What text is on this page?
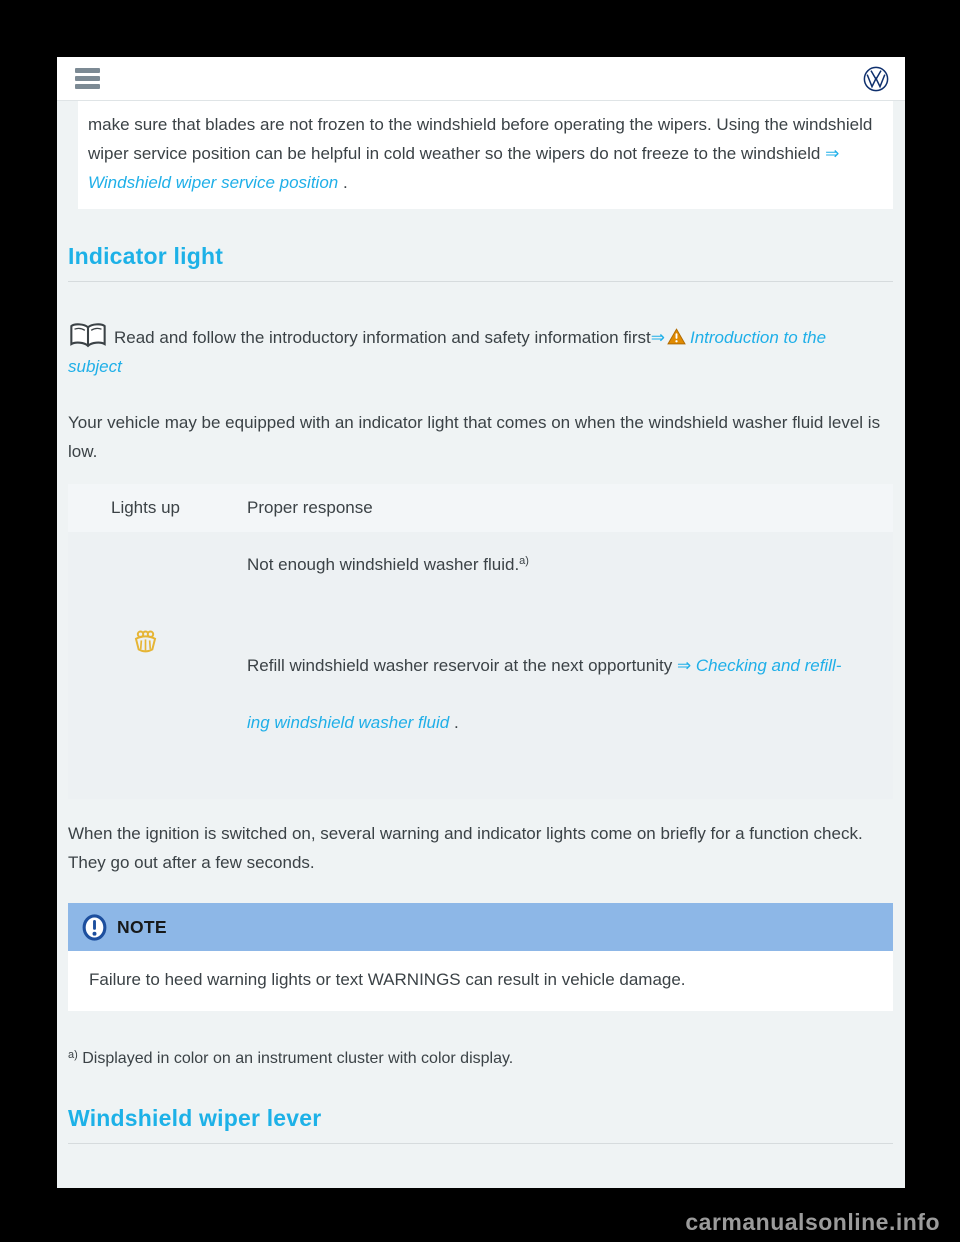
make sure that blades are not frozen to the windshield before operating the wipers. Using the windshield wiper service position can be helpful in cold weather so the wipers do not freeze to the windshield ⇒ Windshield wiper service position .
Indicator light

Read and follow the introductory information and safety information first⇒ Introduction to the
subject

Your vehicle may be equipped with an indicator light that comes on when the windshield washer fluid level is low.

Lights up	Proper response

Not enough windshield washer fluid.$^{a)}$

Refill windshield washer reservoir at the next opportunity ⇒ Checking and refill-
ing windshield washer fluid .

When the ignition is switched on, several warning and indicator lights come on briefly for a function check. They go out after a few seconds.

NOTE
Failure to heed warning lights or text WARNINGS can result in vehicle damage.

$^{a)}$ Displayed in color on an instrument cluster with color display.

Windshield wiper lever
carmanualsonline.info
